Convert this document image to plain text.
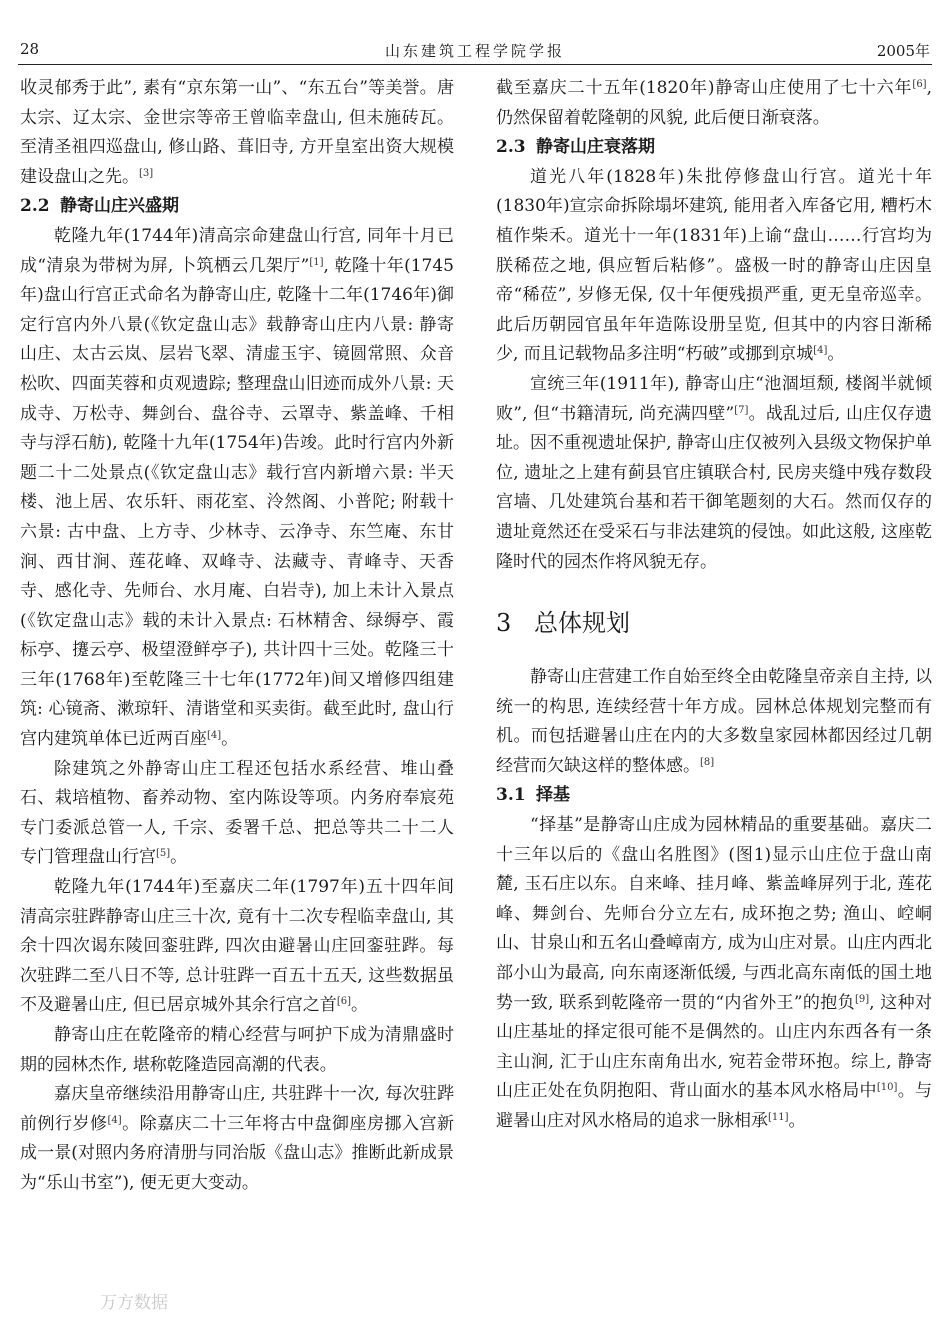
28	山东建筑工程学院学报	2005年

收灵郁秀于此”, 素有“京东第一山”、“东五台”等美誉。唐太宗、辽太宗、金世宗等帝王曾临幸盘山, 但未施砖瓦。至清圣祖四巡盘山, 修山路、葺旧寺, 方开皇室出资大规模建设盘山之先。[3]

2.2 静寄山庄兴盛期

乾隆九年(1744年)清高宗命建盘山行宫, 同年十月已成“清泉为带树为屏, 卜筑栖云几架厅”[1], 乾隆十年(1745年)盘山行宫正式命名为静寄山庄, 乾隆十二年(1746年)御定行宫内外八景(《钦定盘山志》载静寄山庄内八景: 静寄山庄、太古云岚、层岩飞翠、清虚玉宇、镜圆常照、众音松吹、四面芙蓉和贞观遗踪; 整理盘山旧迹而成外八景: 天成寺、万松寺、舞剑台、盘谷寺、云罩寺、紫盖峰、千相寺与浮石舫), 乾隆十九年(1754年)告竣。此时行宫内外新题二十二处景点(《钦定盘山志》载行宫内新增六景: 半天楼、池上居、农乐轩、雨花室、泠然阁、小普陀; 附载十六景: 古中盘、上方寺、少林寺、云净寺、东竺庵、东甘涧、西甘涧、莲花峰、双峰寺、法藏寺、青峰寺、天香寺、感化寺、先师台、水月庵、白岩寺), 加上未计入景点(《钦定盘山志》载的未计入景点: 石林精舍、绿缛亭、霞标亭、攓云亭、极望澄鲜亭子), 共计四十三处。乾隆三十三年(1768年)至乾隆三十七年(1772年)间又增修四组建筑: 心镜斋、漱琼轩、清谐堂和买卖街。截至此时, 盘山行宫内建筑单体已近两百座[4]。

除建筑之外静寄山庄工程还包括水系经营、堆山叠石、栽培植物、畜养动物、室内陈设等项。内务府奉宸苑专门委派总管一人, 千宗、委署千总、把总等共二十二人专门管理盘山行宫[5]。

乾隆九年(1744年)至嘉庆二年(1797年)五十四年间清高宗驻跸静寄山庄三十次, 竟有十二次专程临幸盘山, 其余十四次谒东陵回銮驻跸, 四次由避暑山庄回銮驻跸。每次驻跸二至八日不等, 总计驻跸一百五十五天, 这些数据虽不及避暑山庄, 但已居京城外其余行宫之首[6]。

静寄山庄在乾隆帝的精心经营与呵护下成为清鼎盛时期的园林杰作, 堪称乾隆造园高潮的代表。

嘉庆皇帝继续沿用静寄山庄, 共驻跸十一次, 每次驻跸前例行岁修[4]。除嘉庆二十三年将古中盘御座房挪入宫新成一景(对照内务府清册与同治版《盘山志》推断此新成景为“乐山书室”), 便无更大变动。

截至嘉庆二十五年(1820年)静寄山庄使用了七十六年[6], 仍然保留着乾隆朝的风貌, 此后便日渐衰落。

2.3 静寄山庄衰落期

道光八年(1828年)朱批停修盘山行宫。道光十年(1830年)宣宗命拆除塌坏建筑, 能用者入库备它用, 糟朽木植作柴禾。道光十一年(1831年)上谕“盘山……行宫均为朕稀莅之地, 俱应暂后粘修”。盛极一时的静寄山庄因皇帝“稀莅”, 岁修无保, 仅十年便残损严重, 更无皇帝巡幸。此后历朝园官虽年年造陈设册呈览, 但其中的内容日渐稀少, 而且记载物品多注明“朽破”或挪到京城[4]。

宣统三年(1911年), 静寄山庄“池涸垣颓, 楼阁半就倾败”, 但“书籍清玩, 尚充满四壁”[7]。战乱过后, 山庄仅存遗址。因不重视遗址保护, 静寄山庄仅被列入县级文物保护单位, 遗址之上建有蓟县官庄镇联合村, 民房夹缝中残存数段宫墙、几处建筑台基和若干御笔题刻的大石。然而仅存的遗址竟然还在受采石与非法建筑的侵蚀。如此这般, 这座乾隆时代的园杰作将风貌无存。

3 总体规划

静寄山庄营建工作自始至终全由乾隆皇帝亲自主持, 以统一的构思, 连续经营十年方成。园林总体规划完整而有机。而包括避暑山庄在内的大多数皇家园林都因经过几朝经营而欠缺这样的整体感。[8]

3.1 择基

“择基”是静寄山庄成为园林精品的重要基础。嘉庆二十三年以后的《盘山名胜图》(图1)显示山庄位于盘山南麓, 玉石庄以东。自来峰、挂月峰、紫盖峰屏列于北, 莲花峰、舞剑台、先师台分立左右, 成环抱之势; 渔山、崆峒山、甘泉山和五名山叠嶂南方, 成为山庄对景。山庄内西北部小山为最高, 向东南逐渐低缓, 与西北高东南低的国土地势一致, 联系到乾隆帝一贯的“内省外王”的抱负[9], 这种对山庄基址的择定很可能不是偶然的。山庄内东西各有一条主山涧, 汇于山庄东南角出水, 宛若金带环抱。综上, 静寄山庄正处在负阴抱阳、背山面水的基本风水格局中[10]。与避暑山庄对风水格局的追求一脉相承[11]。

万方数据
